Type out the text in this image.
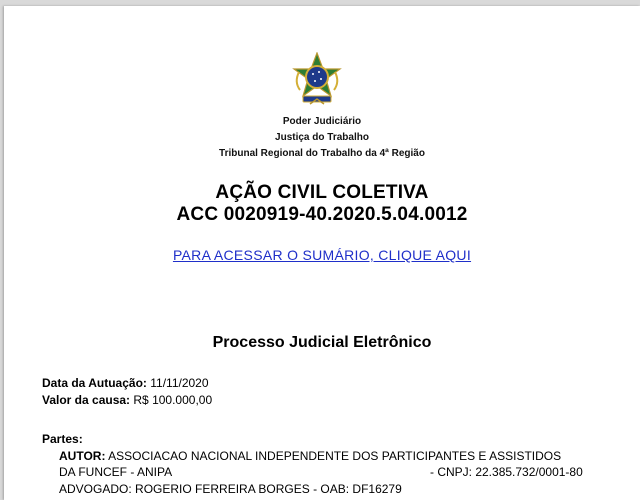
Poder Judiciário
Justiça do Trabalho
Tribunal Regional do Trabalho da 4ª Região
AÇÃO CIVIL COLETIVA
ACC 0020919-40.2020.5.04.0012
PARA ACESSAR O SUMÁRIO, CLIQUE AQUI
Processo Judicial Eletrônico
Data da Autuação: 11/11/2020
Valor da causa: R$ 100.000,00
Partes:
AUTOR: ASSOCIACAO NACIONAL INDEPENDENTE DOS PARTICIPANTES E ASSISTIDOS
DA FUNCEF - ANIPA	- CNPJ: 22.385.732/0001-80
ADVOGADO: ROGERIO FERREIRA BORGES - OAB: DF16279
